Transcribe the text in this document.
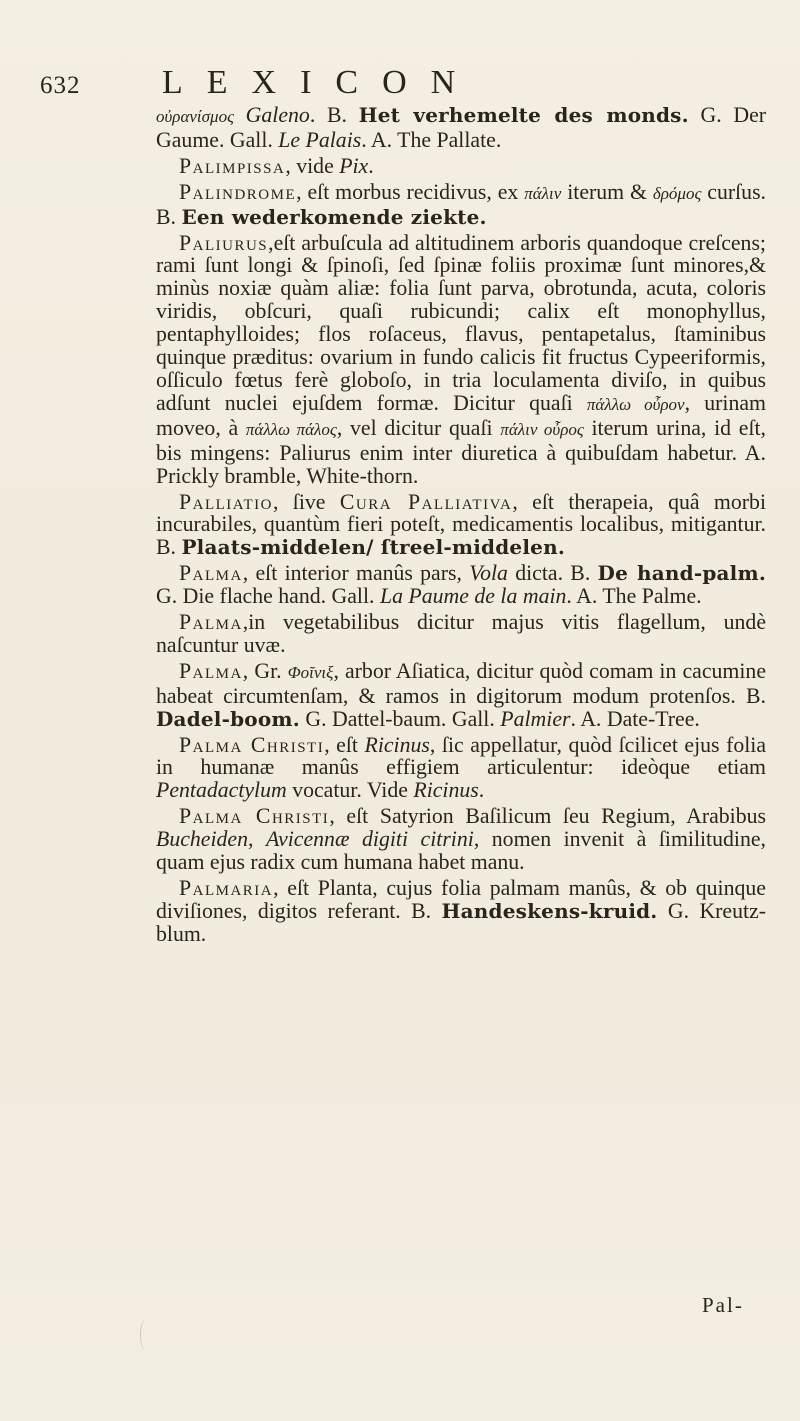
632 LEXICON

οὐρανίσμος Galeno. B. Het verhemelte des monds. G. Der Gaume. Gall. Le Palais. A. The Pallate.

Palimpissa, vide Pix.

Palindrome, eſt morbus recidivus, ex πάλιν iterum & δρόμος curſus. B. Een wederkomende ziekte.

Paliurus,eſt arbuſcula ad altitudinem arboris quandoque creſcens; rami ſunt longi & ſpinoſi, ſed ſpinæ foliis proximæ ſunt minores,& minùs noxiæ quàm aliæ: folia ſunt parva, obrotunda, acuta, coloris viridis, obſcuri, quaſi rubicundi; calix eſt monophyllus, pentaphylloides; flos roſaceus, flavus, pentapetalus, ſtaminibus quinque præditus: ovarium in fundo calicis fit fructus Cypeeriformis, oſſiculo fœtus ferè globoſo, in tria loculamenta diviſo, in quibus adſunt nuclei ejuſdem formæ. Dicitur quaſi πάλλω οὖρον, urinam moveo, à πάλλω πάλος, vel dicitur quaſi πάλιν οὖρος iterum urina, id eſt, bis mingens: Paliurus enim inter diuretica à quibuſdam habetur. A. Prickly bramble, White-thorn.

Palliatio, ſive Cura Palliativa, eſt therapeia, quâ morbi incurabiles, quantùm fieri poteſt, medicamentis localibus, mitigantur. B. Plaats-middelen/ ſtreel-middelen.

Palma, eſt interior manûs pars, Vola dicta. B. De hand-palm. G. Die flache hand. Gall. La Paume de la main. A. The Palme.

Palma,in vegetabilibus dicitur majus vitis flagellum, undè naſcuntur uvæ.

Palma, Gr. Φοῖνιξ, arbor Aſiatica, dicitur quòd comam in cacumine habeat circumtenſam, & ramos in digitorum modum protenſos. B. Dadel-boom. G. Dattel-baum. Gall. Palmier. A. Date-Tree.

Palma Christi, eſt Ricinus, ſic appellatur, quòd ſcilicet ejus folia in humanæ manûs effigiem articulentur: ideòque etiam Pentadactylum vocatur. Vide Ricinus.

Palma Christi, eſt Satyrion Baſilicum ſeu Regium, Arabibus Bucheiden, Avicennæ digiti citrini, nomen invenit à ſimilitudine, quam ejus radix cum humana habet manu.

Palmaria, eſt Planta, cujus folia palmam manûs, & ob quinque diviſiones, digitos referant. B. Handeskens-kruid. G. Kreutz-blum.

Pal-
